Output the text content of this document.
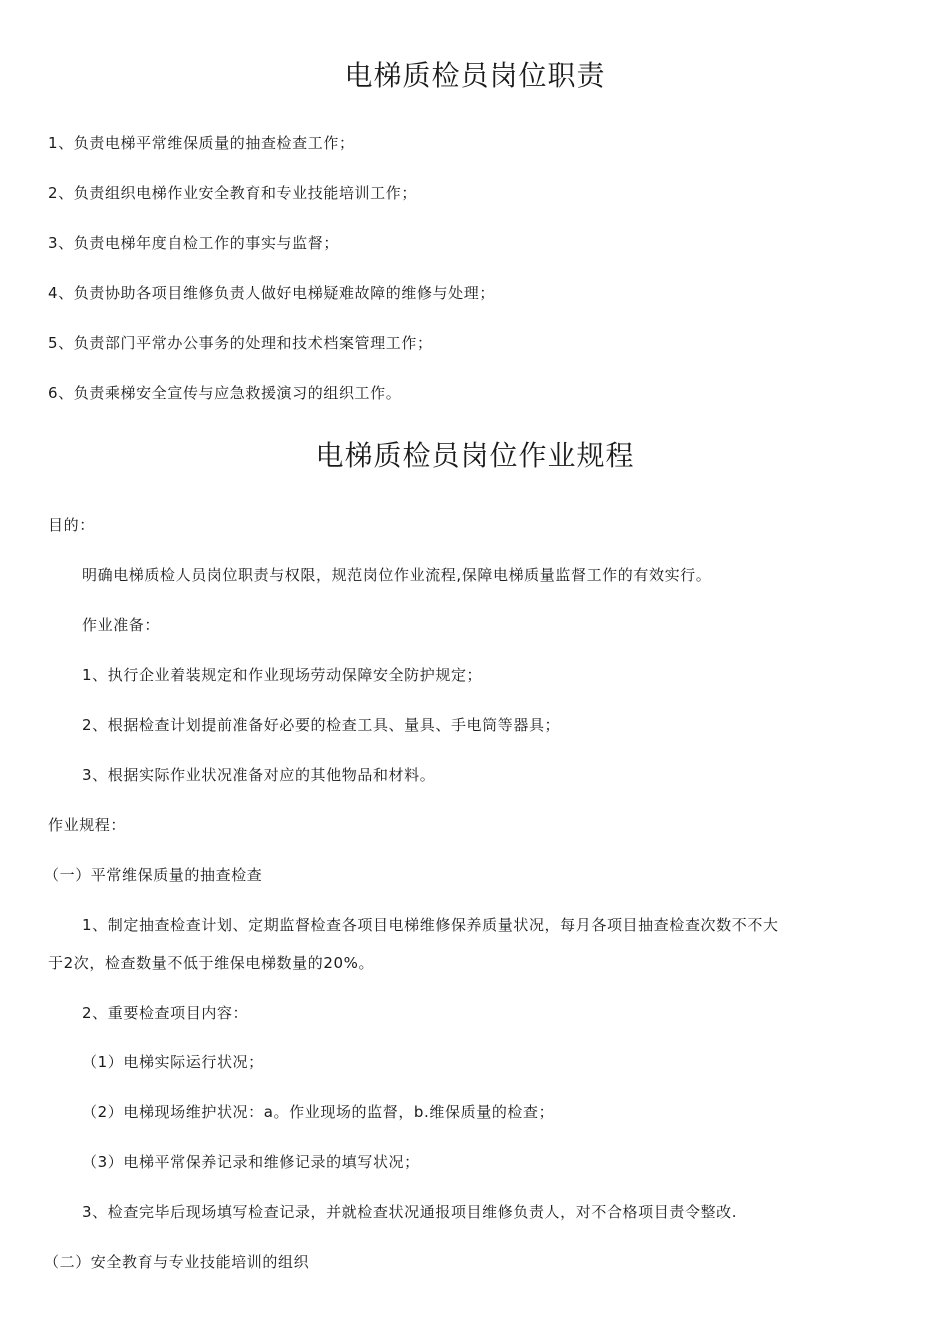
电梯质检员岗位职责
1、负责电梯平常维保质量的抽查检查工作；
2、负责组织电梯作业安全教育和专业技能培训工作；
3、负责电梯年度自检工作的事实与监督；
4、负责协助各项目维修负责人做好电梯疑难故障的维修与处理；
5、负责部门平常办公事务的处理和技术档案管理工作；
6、负责乘梯安全宣传与应急救援演习的组织工作。
电梯质检员岗位作业规程
目的：
明确电梯质检人员岗位职责与权限，规范岗位作业流程,保障电梯质量监督工作的有效实行。
作业准备：
1、执行企业着装规定和作业现场劳动保障安全防护规定；
2、根据检查计划提前准备好必要的检查工具、量具、手电筒等器具；
3、根据实际作业状况准备对应的其他物品和材料。
作业规程：
（一）平常维保质量的抽查检查
1、制定抽查检查计划、定期监督检查各项目电梯维修保养质量状况，每月各项目抽查检查次数不不大
于2次，检查数量不低于维保电梯数量的20%。
2、重要检查项目内容：
（1）电梯实际运行状况；
（2）电梯现场维护状况：a。作业现场的监督，b.维保质量的检查；
（3）电梯平常保养记录和维修记录的填写状况；
3、检查完毕后现场填写检查记录，并就检查状况通报项目维修负责人，对不合格项目责令整改.
（二）安全教育与专业技能培训的组织
